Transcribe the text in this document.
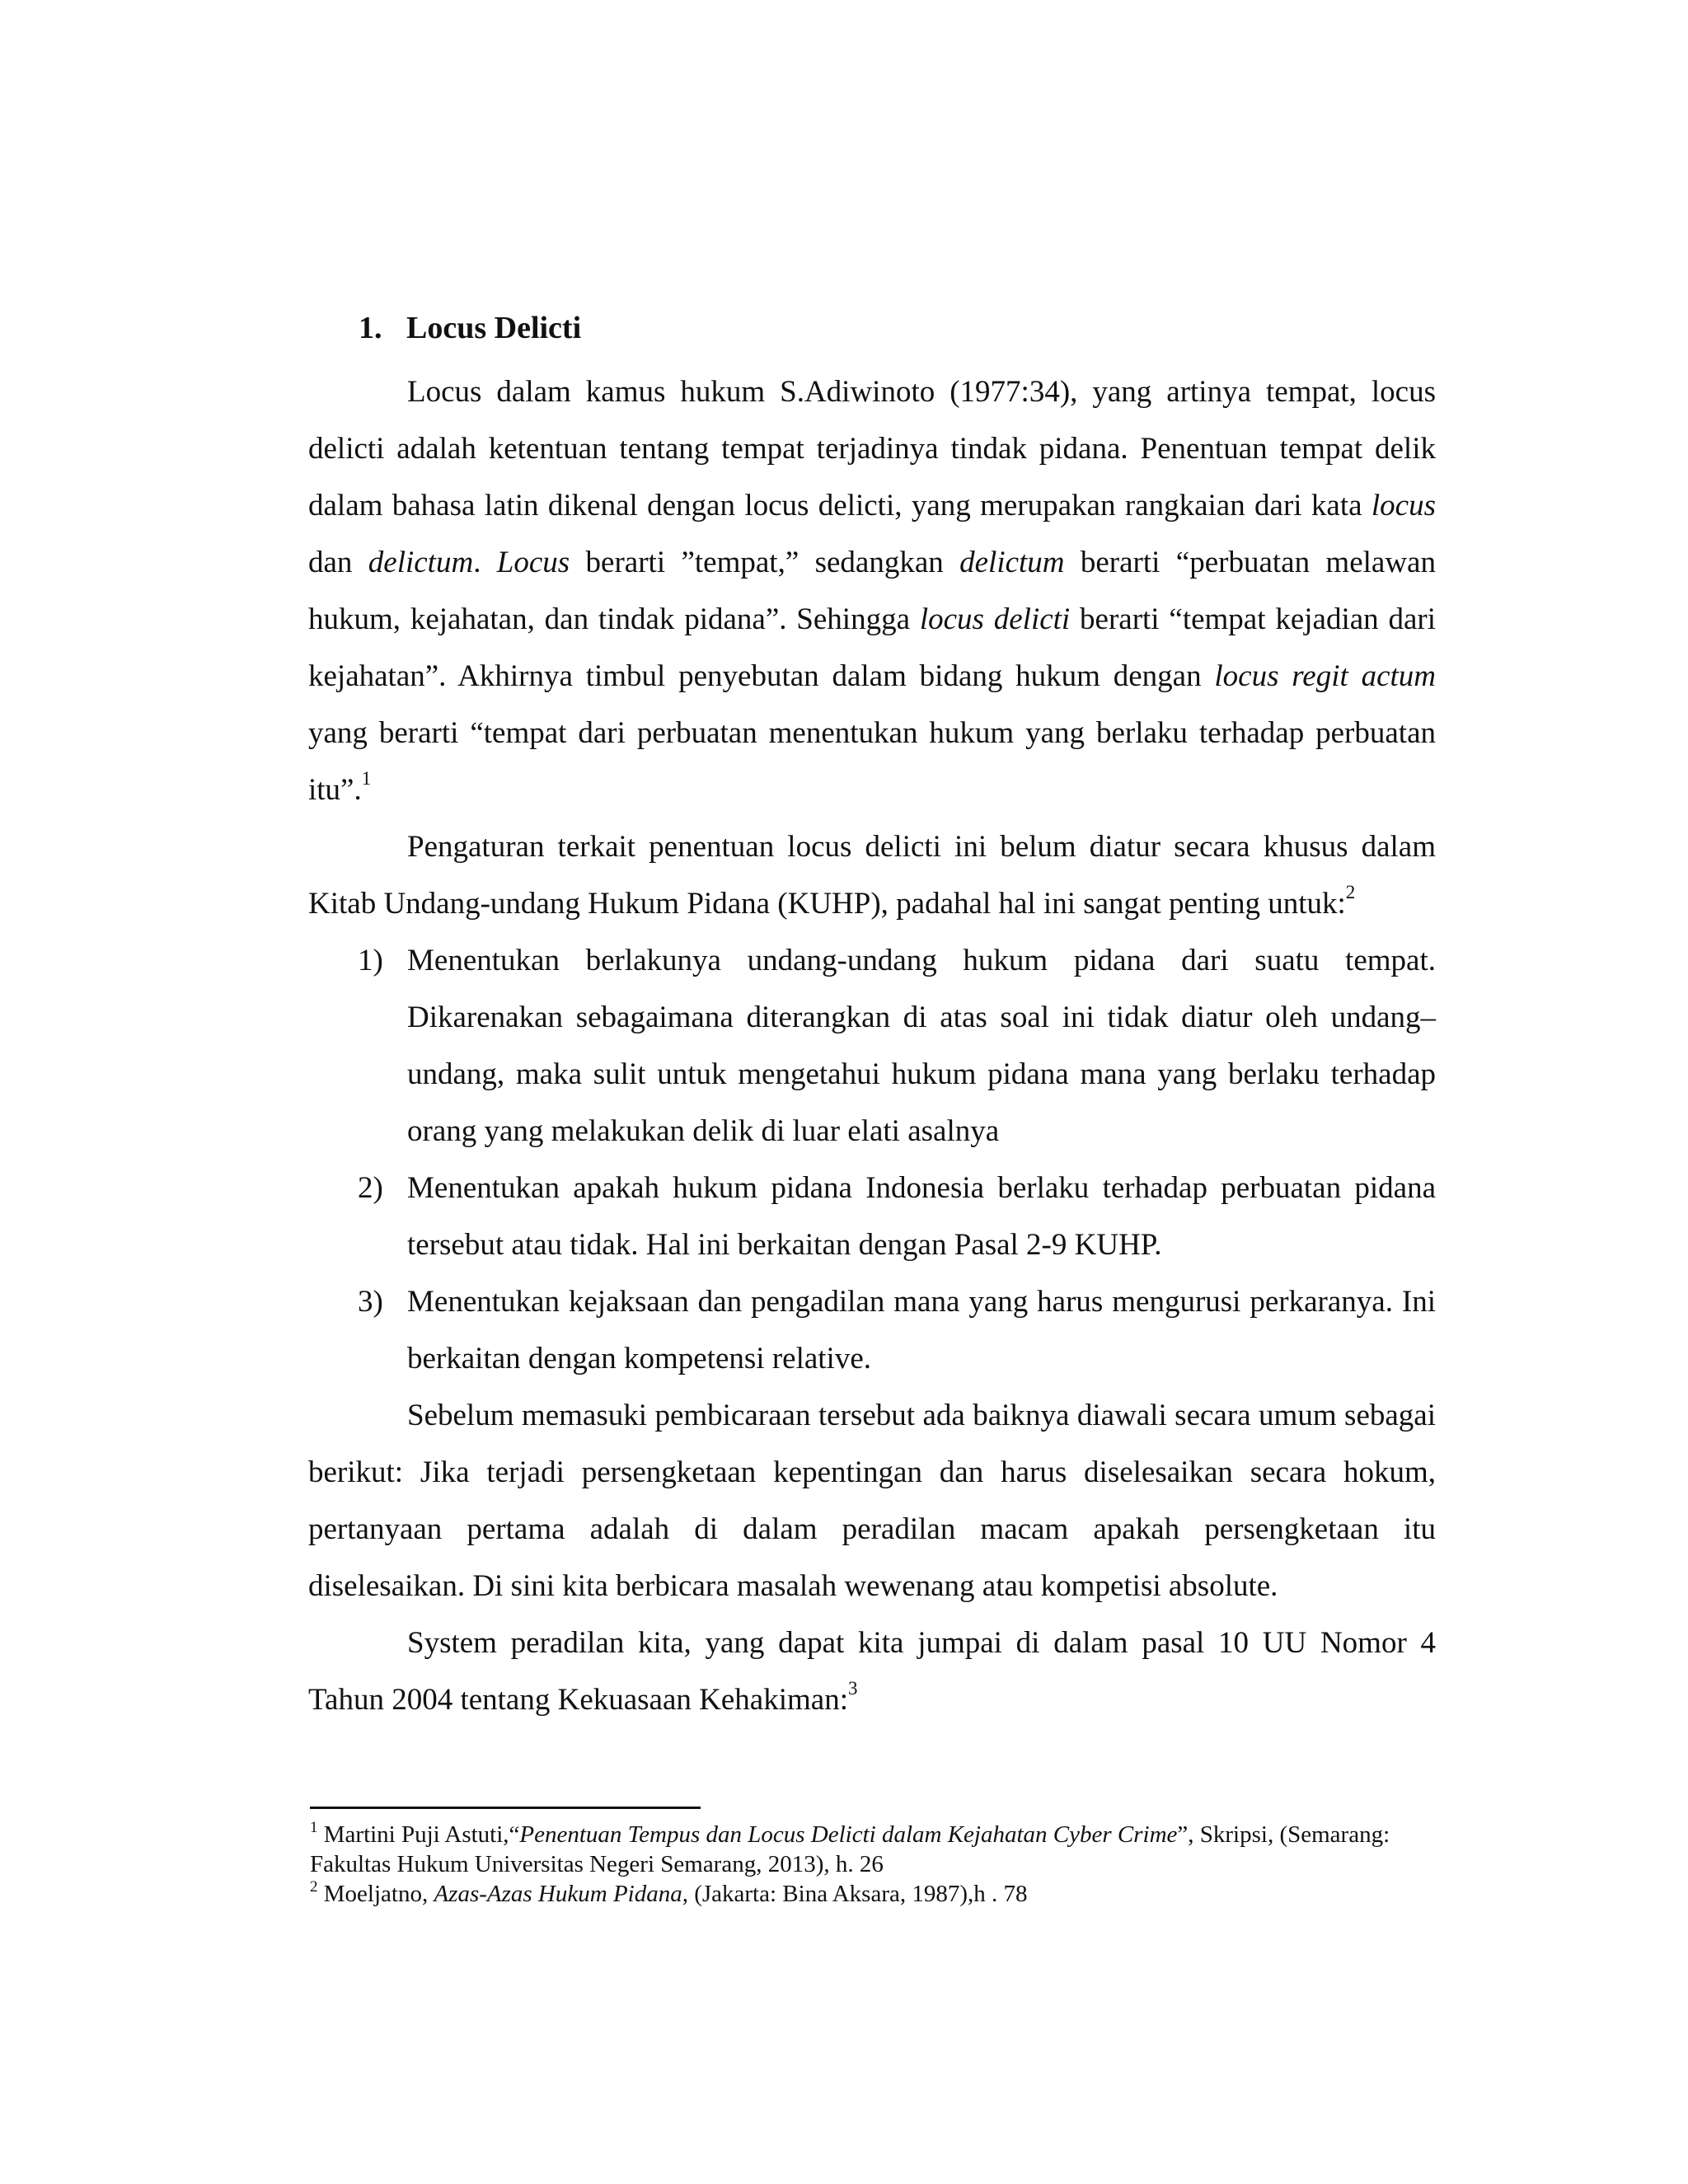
1. Locus Delicti

Locus dalam kamus hukum S.Adiwinoto (1977:34), yang artinya tempat, locus delicti adalah ketentuan tentang tempat terjadinya tindak pidana. Penentuan tempat delik dalam bahasa latin dikenal dengan locus delicti, yang merupakan rangkaian dari kata locus dan delictum. Locus berarti ”tempat,” sedangkan delictum berarti “perbuatan melawan hukum, kejahatan, dan tindak pidana”. Sehingga locus delicti berarti “tempat kejadian dari kejahatan”. Akhirnya timbul penyebutan dalam bidang hukum dengan locus regit actum yang berarti “tempat dari perbuatan menentukan hukum yang berlaku terhadap perbuatan itu”.$^1$

Pengaturan terkait penentuan locus delicti ini belum diatur secara khusus dalam Kitab Undang-undang Hukum Pidana (KUHP), padahal hal ini sangat penting untuk:$^2$

1) Menentukan berlakunya undang-undang hukum pidana dari suatu tempat. Dikarenakan sebagaimana diterangkan di atas soal ini tidak diatur oleh undang–undang, maka sulit untuk mengetahui hukum pidana mana yang berlaku terhadap orang yang melakukan delik di luar elati asalnya
2) Menentukan apakah hukum pidana Indonesia berlaku terhadap perbuatan pidana tersebut atau tidak. Hal ini berkaitan dengan Pasal 2-9 KUHP.
3) Menentukan kejaksaan dan pengadilan mana yang harus mengurusi perkaranya. Ini berkaitan dengan kompetensi relative.

Sebelum memasuki pembicaraan tersebut ada baiknya diawali secara umum sebagai berikut: Jika terjadi persengketaan kepentingan dan harus diselesaikan secara hokum, pertanyaan pertama adalah di dalam peradilan macam apakah persengketaan itu diselesaikan. Di sini kita berbicara masalah wewenang atau kompetisi absolute.

System peradilan kita, yang dapat kita jumpai di dalam pasal 10 UU Nomor 4 Tahun 2004 tentang Kekuasaan Kehakiman:$^3$

$^1$ Martini Puji Astuti,“Penentuan Tempus dan Locus Delicti dalam Kejahatan Cyber Crime”, Skripsi, (Semarang: Fakultas Hukum Universitas Negeri Semarang, 2013), h. 26

$^2$ Moeljatno, Azas-Azas Hukum Pidana, (Jakarta: Bina Aksara, 1987),h . 78
